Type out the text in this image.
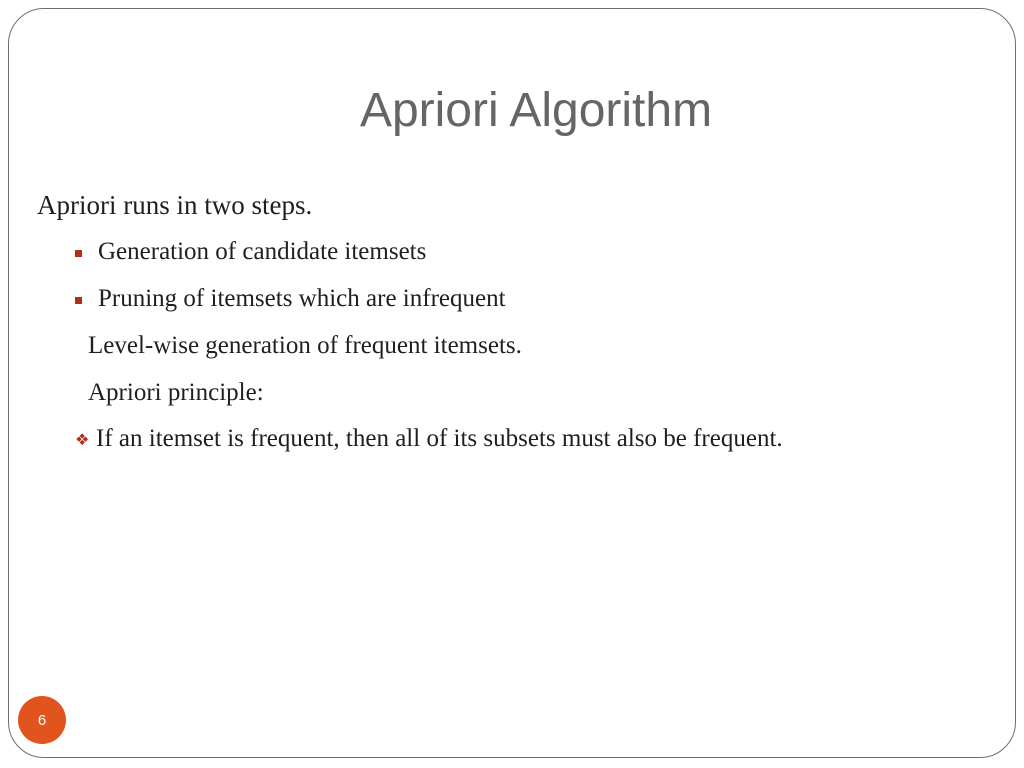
Apriori Algorithm

Apriori runs in two steps.

Generation of candidate itemsets

Pruning of itemsets which are infrequent

Level-wise generation of frequent itemsets.

Apriori principle:

❖ If an itemset is frequent, then all of its subsets must also be frequent.

6
